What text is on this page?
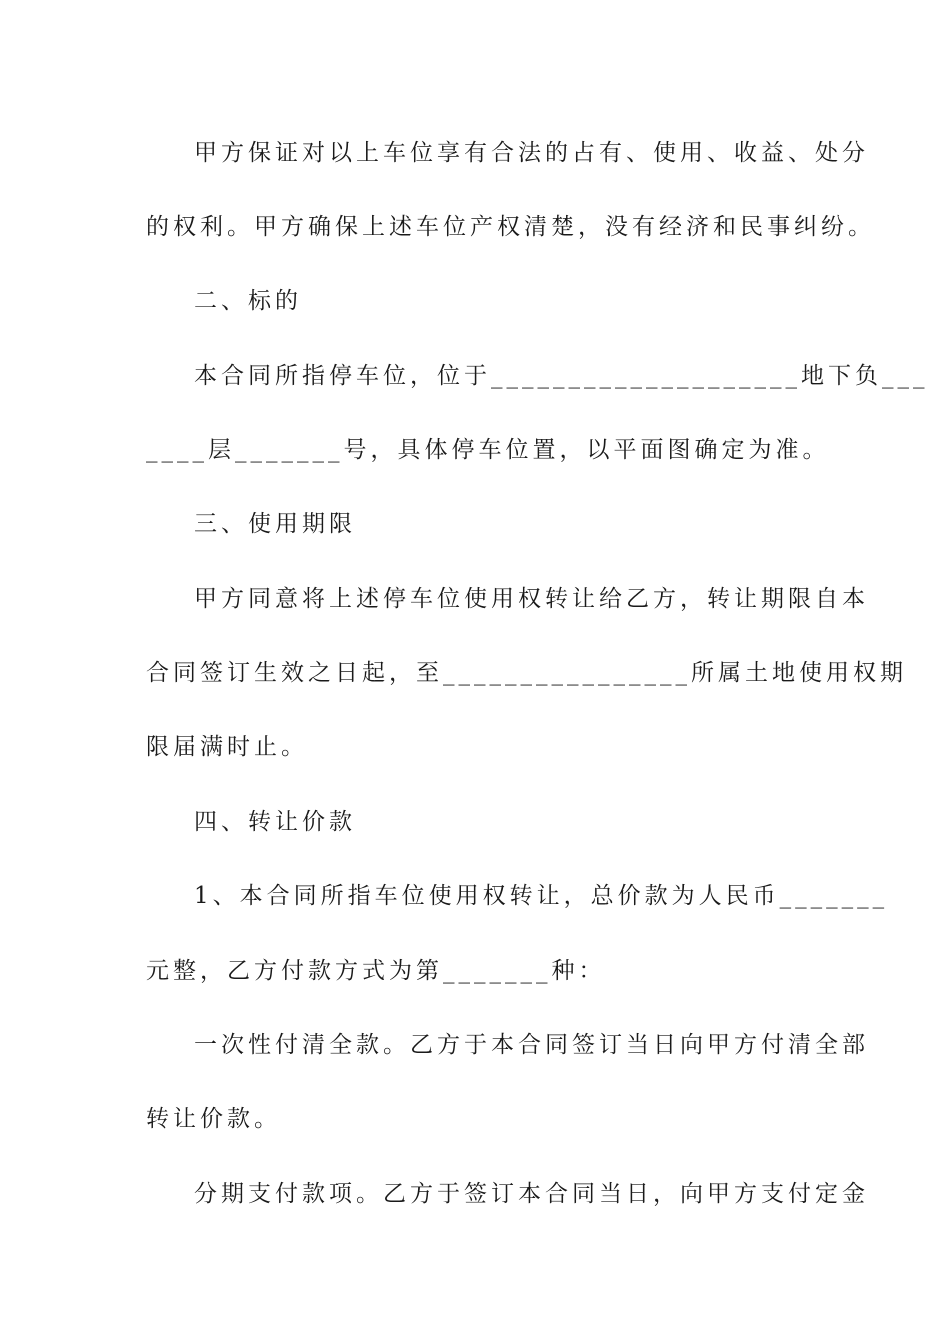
甲方保证对以上车位享有合法的占有、使用、收益、处分
的权利。甲方确保上述车位产权清楚，没有经济和民事纠纷。
二、标的
本合同所指停车位，位于____________________地下负___
____层_______号，具体停车位置，以平面图确定为准。
三、使用期限
甲方同意将上述停车位使用权转让给乙方，转让期限自本
合同签订生效之日起，至________________所属土地使用权期
限届满时止。
四、转让价款
1、本合同所指车位使用权转让，总价款为人民币_______
元整，乙方付款方式为第_______种：
一次性付清全款。乙方于本合同签订当日向甲方付清全部
转让价款。
分期支付款项。乙方于签订本合同当日，向甲方支付定金
